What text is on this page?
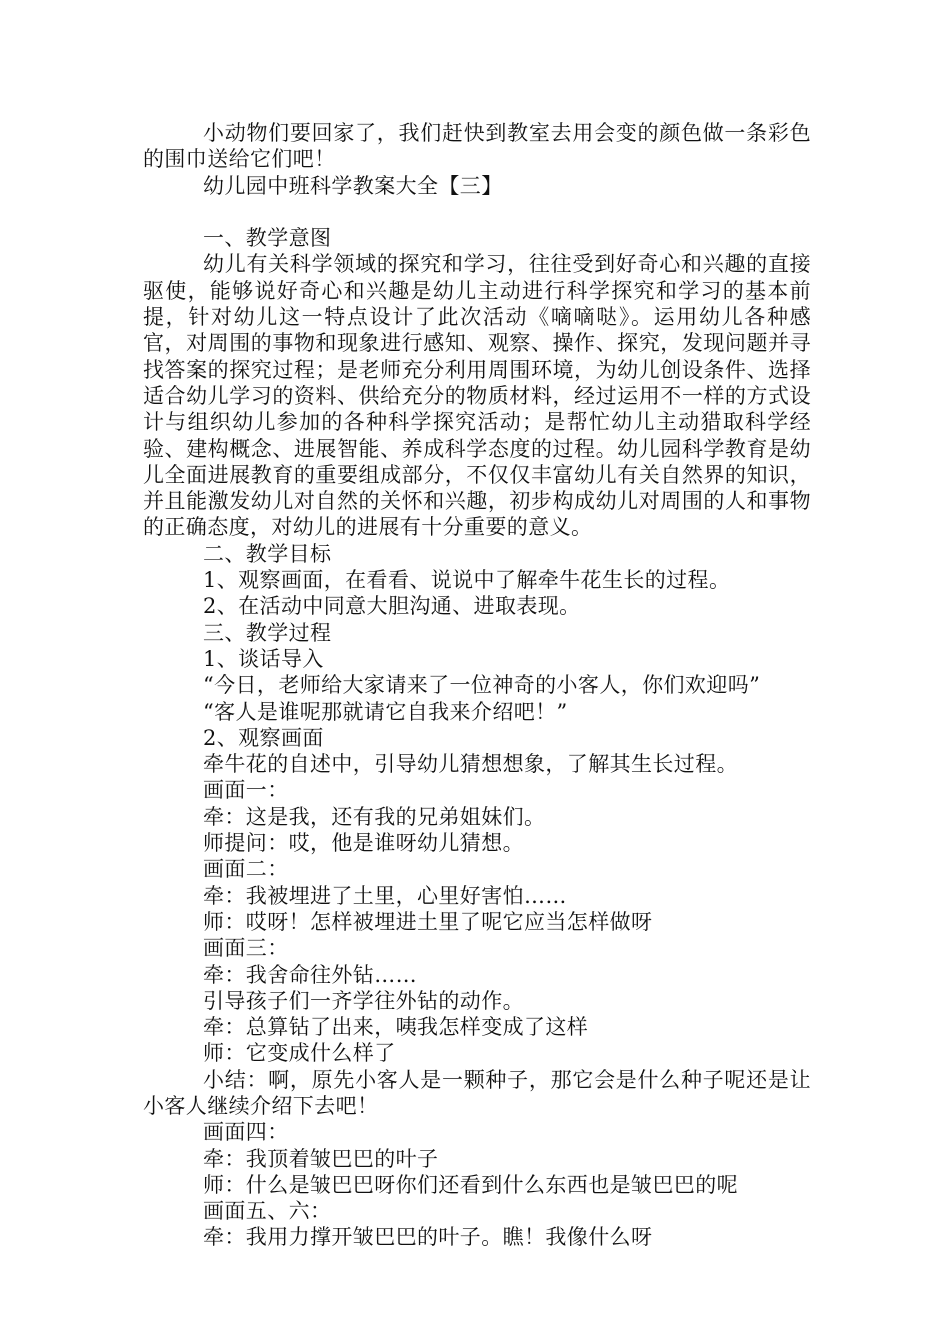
小动物们要回家了，我们赶快到教室去用会变的颜色做一条彩色的围巾送给它们吧！

幼儿园中班科学教案大全【三】

一、教学意图

幼儿有关科学领域的探究和学习，往往受到好奇心和兴趣的直接驱使，能够说好奇心和兴趣是幼儿主动进行科学探究和学习的基本前提，针对幼儿这一特点设计了此次活动《嘀嘀哒》。运用幼儿各种感官，对周围的事物和现象进行感知、观察、操作、探究，发现问题并寻找答案的探究过程；是老师充分利用周围环境，为幼儿创设条件、选择适合幼儿学习的资料、供给充分的物质材料，经过运用不一样的方式设计与组织幼儿参加的各种科学探究活动；是帮忙幼儿主动猎取科学经验、建构概念、进展智能、养成科学态度的过程。幼儿园科学教育是幼儿全面进展教育的重要组成部分，不仅仅丰富幼儿有关自然界的知识，并且能激发幼儿对自然的关怀和兴趣，初步构成幼儿对周围的人和事物的正确态度，对幼儿的进展有十分重要的意义。

二、教学目标

1、观察画面，在看看、说说中了解牵牛花生长的过程。

2、在活动中同意大胆沟通、进取表现。

三、教学过程

1、谈话导入

“今日，老师给大家请来了一位神奇的小客人，你们欢迎吗”

“客人是谁呢那就请它自我来介绍吧！”

2、观察画面

牵牛花的自述中，引导幼儿猜想想象，了解其生长过程。

画面一：

牵：这是我，还有我的兄弟姐妹们。

师提问：哎，他是谁呀幼儿猜想。

画面二：

牵：我被埋进了土里，心里好害怕……

师：哎呀！怎样被埋进土里了呢它应当怎样做呀

画面三：

牵：我舍命往外钻……

引导孩子们一齐学往外钻的动作。

牵：总算钻了出来，咦我怎样变成了这样

师：它变成什么样了

小结：啊，原先小客人是一颗种子，那它会是什么种子呢还是让小客人继续介绍下去吧！

画面四：

牵：我顶着皱巴巴的叶子

师：什么是皱巴巴呀你们还看到什么东西也是皱巴巴的呢

画面五、六：

牵：我用力撑开皱巴巴的叶子。瞧！我像什么呀
